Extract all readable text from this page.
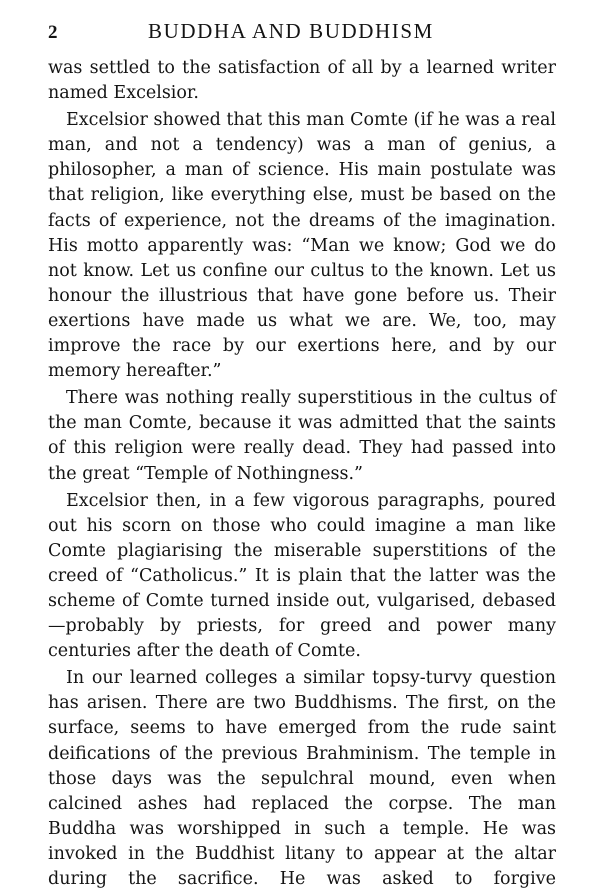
2	BUDDHA AND BUDDHISM

was settled to the satisfaction of all by a learned writer named Excelsior.

Excelsior showed that this man Comte (if he was a real man, and not a tendency) was a man of genius, a philosopher, a man of science. His main postulate was that religion, like everything else, must be based on the facts of experience, not the dreams of the imagination. His motto apparently was: “Man we know; God we do not know. Let us confine our cultus to the known. Let us honour the illustrious that have gone before us. Their exertions have made us what we are. We, too, may improve the race by our exertions here, and by our memory hereafter.”

There was nothing really superstitious in the cultus of the man Comte, because it was admitted that the saints of this religion were really dead. They had passed into the great “Temple of Nothingness.”

Excelsior then, in a few vigorous paragraphs, poured out his scorn on those who could imagine a man like Comte plagiarising the miserable superstitions of the creed of “Catholicus.” It is plain that the latter was the scheme of Comte turned inside out, vulgarised, debased—probably by priests, for greed and power many centuries after the death of Comte.

In our learned colleges a similar topsy-turvy question has arisen. There are two Buddhisms. The first, on the surface, seems to have emerged from the rude saint deifications of the previous Brahminism. The temple in those days was the sepulchral mound, even when calcined ashes had replaced the corpse. The man Buddha was worshipped in such a temple. He was invoked in the Buddhist litany to appear at the altar during the sacrifice. He was asked to forgive
